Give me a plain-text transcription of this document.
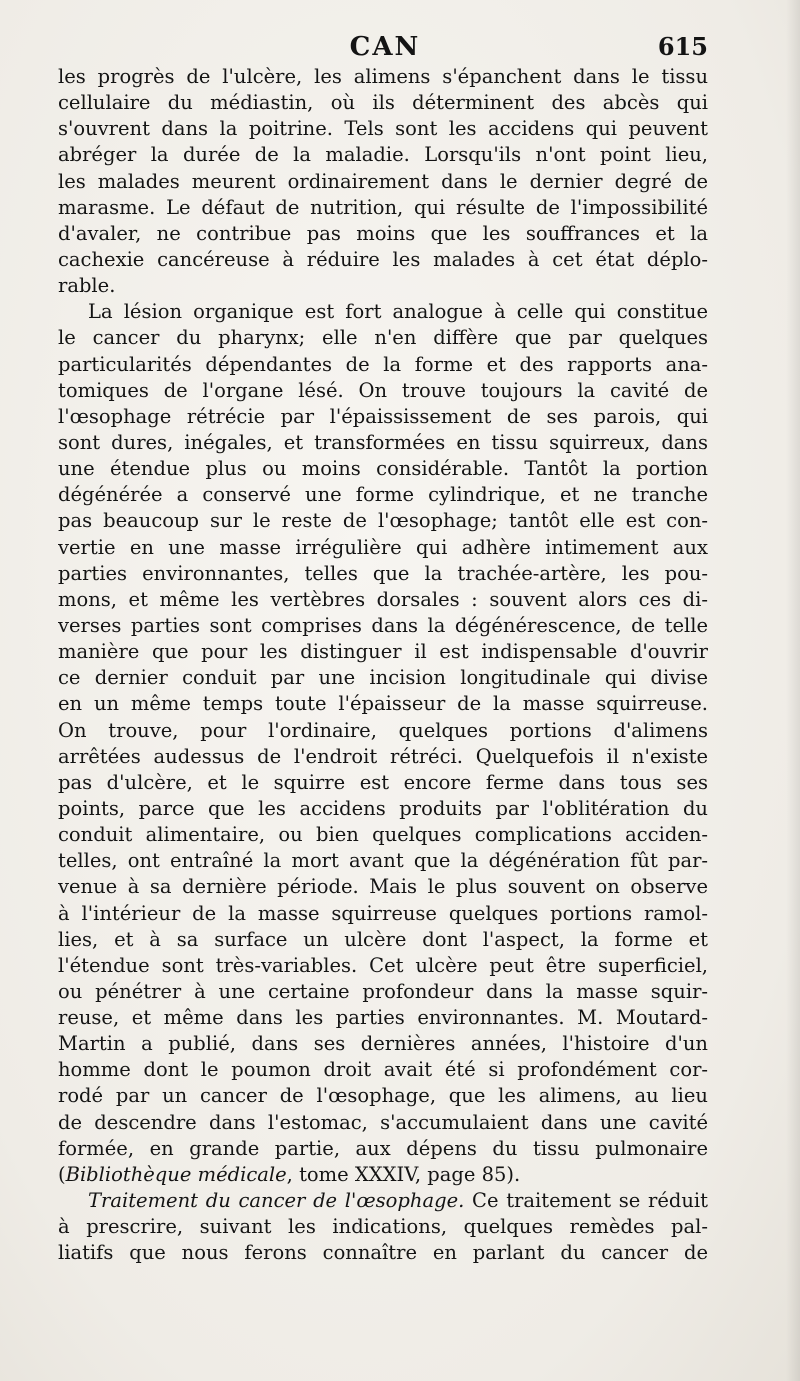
CAN	615
les progrès de l'ulcère, les alimens s'épanchent dans le tissu
cellulaire du médiastin, où ils déterminent des abcès qui
s'ouvrent dans la poitrine. Tels sont les accidens qui peuvent
abréger la durée de la maladie. Lorsqu'ils n'ont point lieu,
les malades meurent ordinairement dans le dernier degré de
marasme. Le défaut de nutrition, qui résulte de l'impossibilité
d'avaler, ne contribue pas moins que les souffrances et la
cachexie cancéreuse à réduire les malades à cet état déplo-
rable.
La lésion organique est fort analogue à celle qui constitue
le cancer du pharynx; elle n'en diffère que par quelques
particularités dépendantes de la forme et des rapports ana-
tomiques de l'organe lésé. On trouve toujours la cavité de
l'œsophage rétrécie par l'épaississement de ses parois, qui
sont dures, inégales, et transformées en tissu squirreux, dans
une étendue plus ou moins considérable. Tantôt la portion
dégénérée a conservé une forme cylindrique, et ne tranche
pas beaucoup sur le reste de l'œsophage; tantôt elle est con-
vertie en une masse irrégulière qui adhère intimement aux
parties environnantes, telles que la trachée-artère, les pou-
mons, et même les vertèbres dorsales : souvent alors ces di-
verses parties sont comprises dans la dégénérescence, de telle
manière que pour les distinguer il est indispensable d'ouvrir
ce dernier conduit par une incision longitudinale qui divise
en un même temps toute l'épaisseur de la masse squirreuse.
On trouve, pour l'ordinaire, quelques portions d'alimens
arrêtées audessus de l'endroit rétréci. Quelquefois il n'existe
pas d'ulcère, et le squirre est encore ferme dans tous ses
points, parce que les accidens produits par l'oblitération du
conduit alimentaire, ou bien quelques complications acciden-
telles, ont entraîné la mort avant que la dégénération fût par-
venue à sa dernière période. Mais le plus souvent on observe
à l'intérieur de la masse squirreuse quelques portions ramol-
lies, et à sa surface un ulcère dont l'aspect, la forme et
l'étendue sont très-variables. Cet ulcère peut être superficiel,
ou pénétrer à une certaine profondeur dans la masse squir-
reuse, et même dans les parties environnantes. M. Moutard-
Martin a publié, dans ses dernières années, l'histoire d'un
homme dont le poumon droit avait été si profondément cor-
rodé par un cancer de l'œsophage, que les alimens, au lieu
de descendre dans l'estomac, s'accumulaient dans une cavité
formée, en grande partie, aux dépens du tissu pulmonaire
(Bibliothèque médicale, tome XXXIV, page 85).
Traitement du cancer de l'œsophage. Ce traitement se réduit
à prescrire, suivant les indications, quelques remèdes pal-
liatifs que nous ferons connaître en parlant du cancer de
